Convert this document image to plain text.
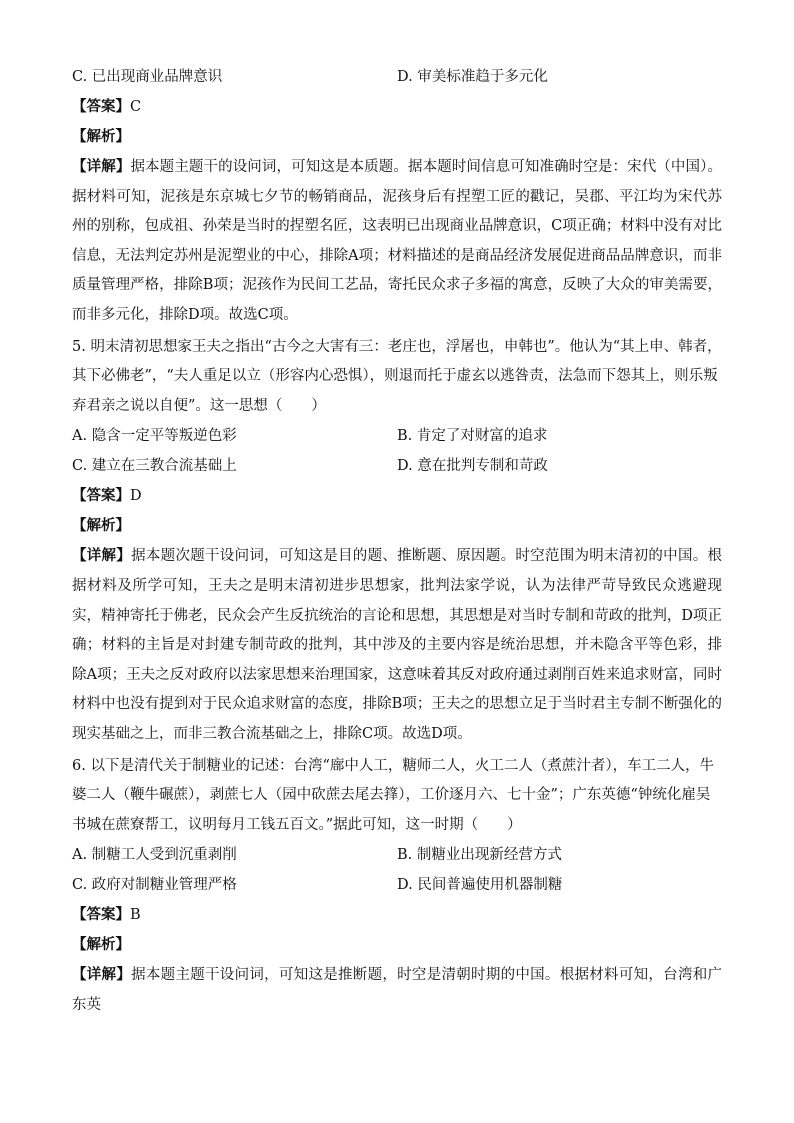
C. 已出现商业品牌意识	D. 审美标准趋于多元化
【答案】C
【解析】
【详解】据本题主题干的设问词，可知这是本质题。据本题时间信息可知准确时空是：宋代（中国）。据材料可知，泥孩是东京城七夕节的畅销商品，泥孩身后有捏塑工匠的戳记，吴郡、平江均为宋代苏州的别称，包成祖、孙荣是当时的捏塑名匠，这表明已出现商业品牌意识，C项正确；材料中没有对比信息，无法判定苏州是泥塑业的中心，排除A项；材料描述的是商品经济发展促进商品品牌意识，而非质量管理严格，排除B项；泥孩作为民间工艺品，寄托民众求子多福的寓意，反映了大众的审美需要，而非多元化，排除D项。故选C项。
5. 明末清初思想家王夫之指出“古今之大害有三：老庄也，浮屠也，申韩也”。他认为“其上申、韩者，其下必佛老”，“夫人重足以立（形容内心恐惧），则退而托于虚玄以逃咎责，法急而下怨其上，则乐叛弃君亲之说以自便”。这一思想（　　）
A. 隐含一定平等叛逆色彩	B. 肯定了对财富的追求
C. 建立在三教合流基础上	D. 意在批判专制和苛政
【答案】D
【解析】
【详解】据本题次题干设问词，可知这是目的题、推断题、原因题。时空范围为明末清初的中国。根据材料及所学可知，王夫之是明末清初进步思想家，批判法家学说，认为法律严苛导致民众逃避现实，精神寄托于佛老，民众会产生反抗统治的言论和思想，其思想是对当时专制和苛政的批判，D项正确；材料的主旨是对封建专制苛政的批判，其中涉及的主要内容是统治思想，并未隐含平等色彩，排除A项；王夫之反对政府以法家思想来治理国家，这意味着其反对政府通过剥削百姓来追求财富，同时材料中也没有提到对于民众追求财富的态度，排除B项；王夫之的思想立足于当时君主专制不断强化的现实基础之上，而非三教合流基础之上，排除C项。故选D项。
6. 以下是清代关于制糖业的记述：台湾“廍中人工，糖师二人，火工二人（煮蔗汁者），车工二人，牛婆二人（鞭牛碾蔗），剥蔗七人（园中砍蔗去尾去箨），工价逐月六、七十金”；广东英德“钟统化雇吴书城在蔗寮帮工，议明每月工钱五百文。”据此可知，这一时期（　　）
A. 制糖工人受到沉重剥削	B. 制糖业出现新经营方式
C. 政府对制糖业管理严格	D. 民间普遍使用机器制糖
【答案】B
【解析】
【详解】据本题主题干设问词，可知这是推断题，时空是清朝时期的中国。根据材料可知，台湾和广东英
